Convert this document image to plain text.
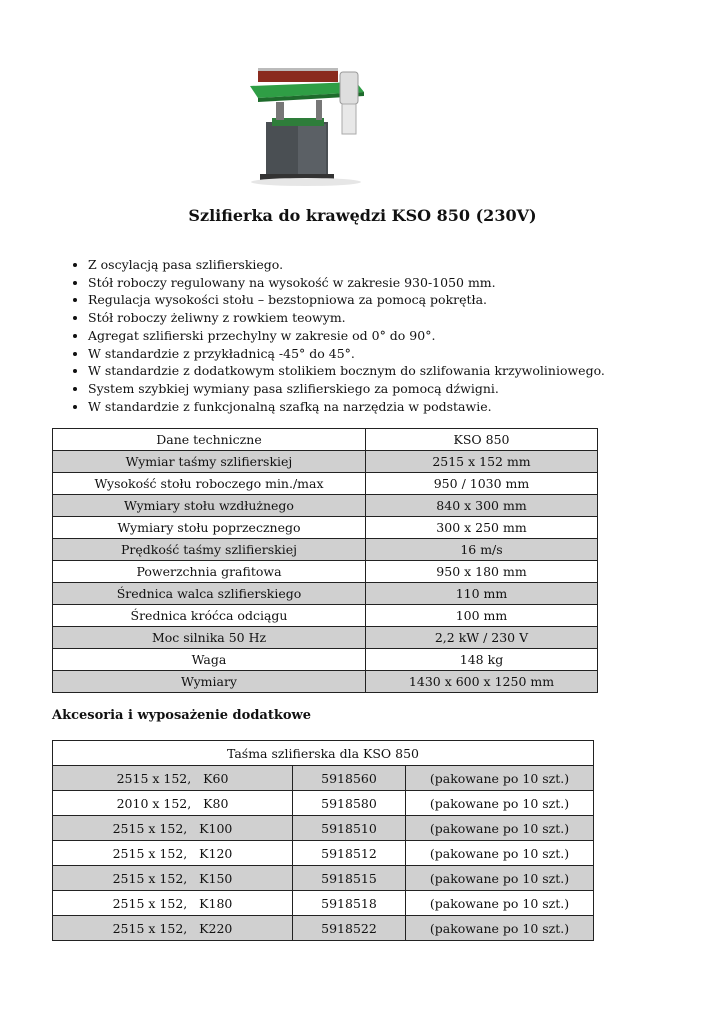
Szlifierka do krawędzi KSO 850 (230V)
• Z oscylacją pasa szlifierskiego.
• Stół roboczy regulowany na wysokość w zakresie 930-1050 mm.
• Regulacja wysokości stołu – bezstopniowa za pomocą pokrętła.
• Stół roboczy żeliwny z rowkiem teowym.
• Agregat szlifierski przechylny w zakresie od 0° do 90°.
• W standardzie z przykładnicą -45° do 45°.
• W standardzie z dodatkowym stolikiem bocznym do szlifowania krzywoliniowego.
• System szybkiej wymiany pasa szlifierskiego za pomocą dźwigni.
• W standardzie z funkcjonalną szafką na narzędzia w podstawie.
Dane techniczne	KSO 850
Wymiar taśmy szlifierskiej	2515 x 152 mm
Wysokość stołu roboczego min./max	950 / 1030 mm
Wymiary stołu wzdłużnego	840 x 300 mm
Wymiary stołu poprzecznego	300 x 250 mm
Prędkość taśmy szlifierskiej	16 m/s
Powerzchnia grafitowa	950 x 180 mm
Średnica walca szlifierskiego	110 mm
Średnica króćca odciągu	100 mm
Moc silnika 50 Hz	2,2 kW / 230 V
Waga	148 kg
Wymiary	1430 x 600 x 1250 mm
Akcesoria i wyposażenie dodatkowe
Taśma szlifierska dla KSO 850		
2515 x 152,   K60	5918560	(pakowane po 10 szt.)
2010 x 152,   K80	5918580	(pakowane po 10 szt.)
2515 x 152,   K100	5918510	(pakowane po 10 szt.)
2515 x 152,   K120	5918512	(pakowane po 10 szt.)
2515 x 152,   K150	5918515	(pakowane po 10 szt.)
2515 x 152,   K180	5918518	(pakowane po 10 szt.)
2515 x 152,   K220	5918522	(pakowane po 10 szt.)
